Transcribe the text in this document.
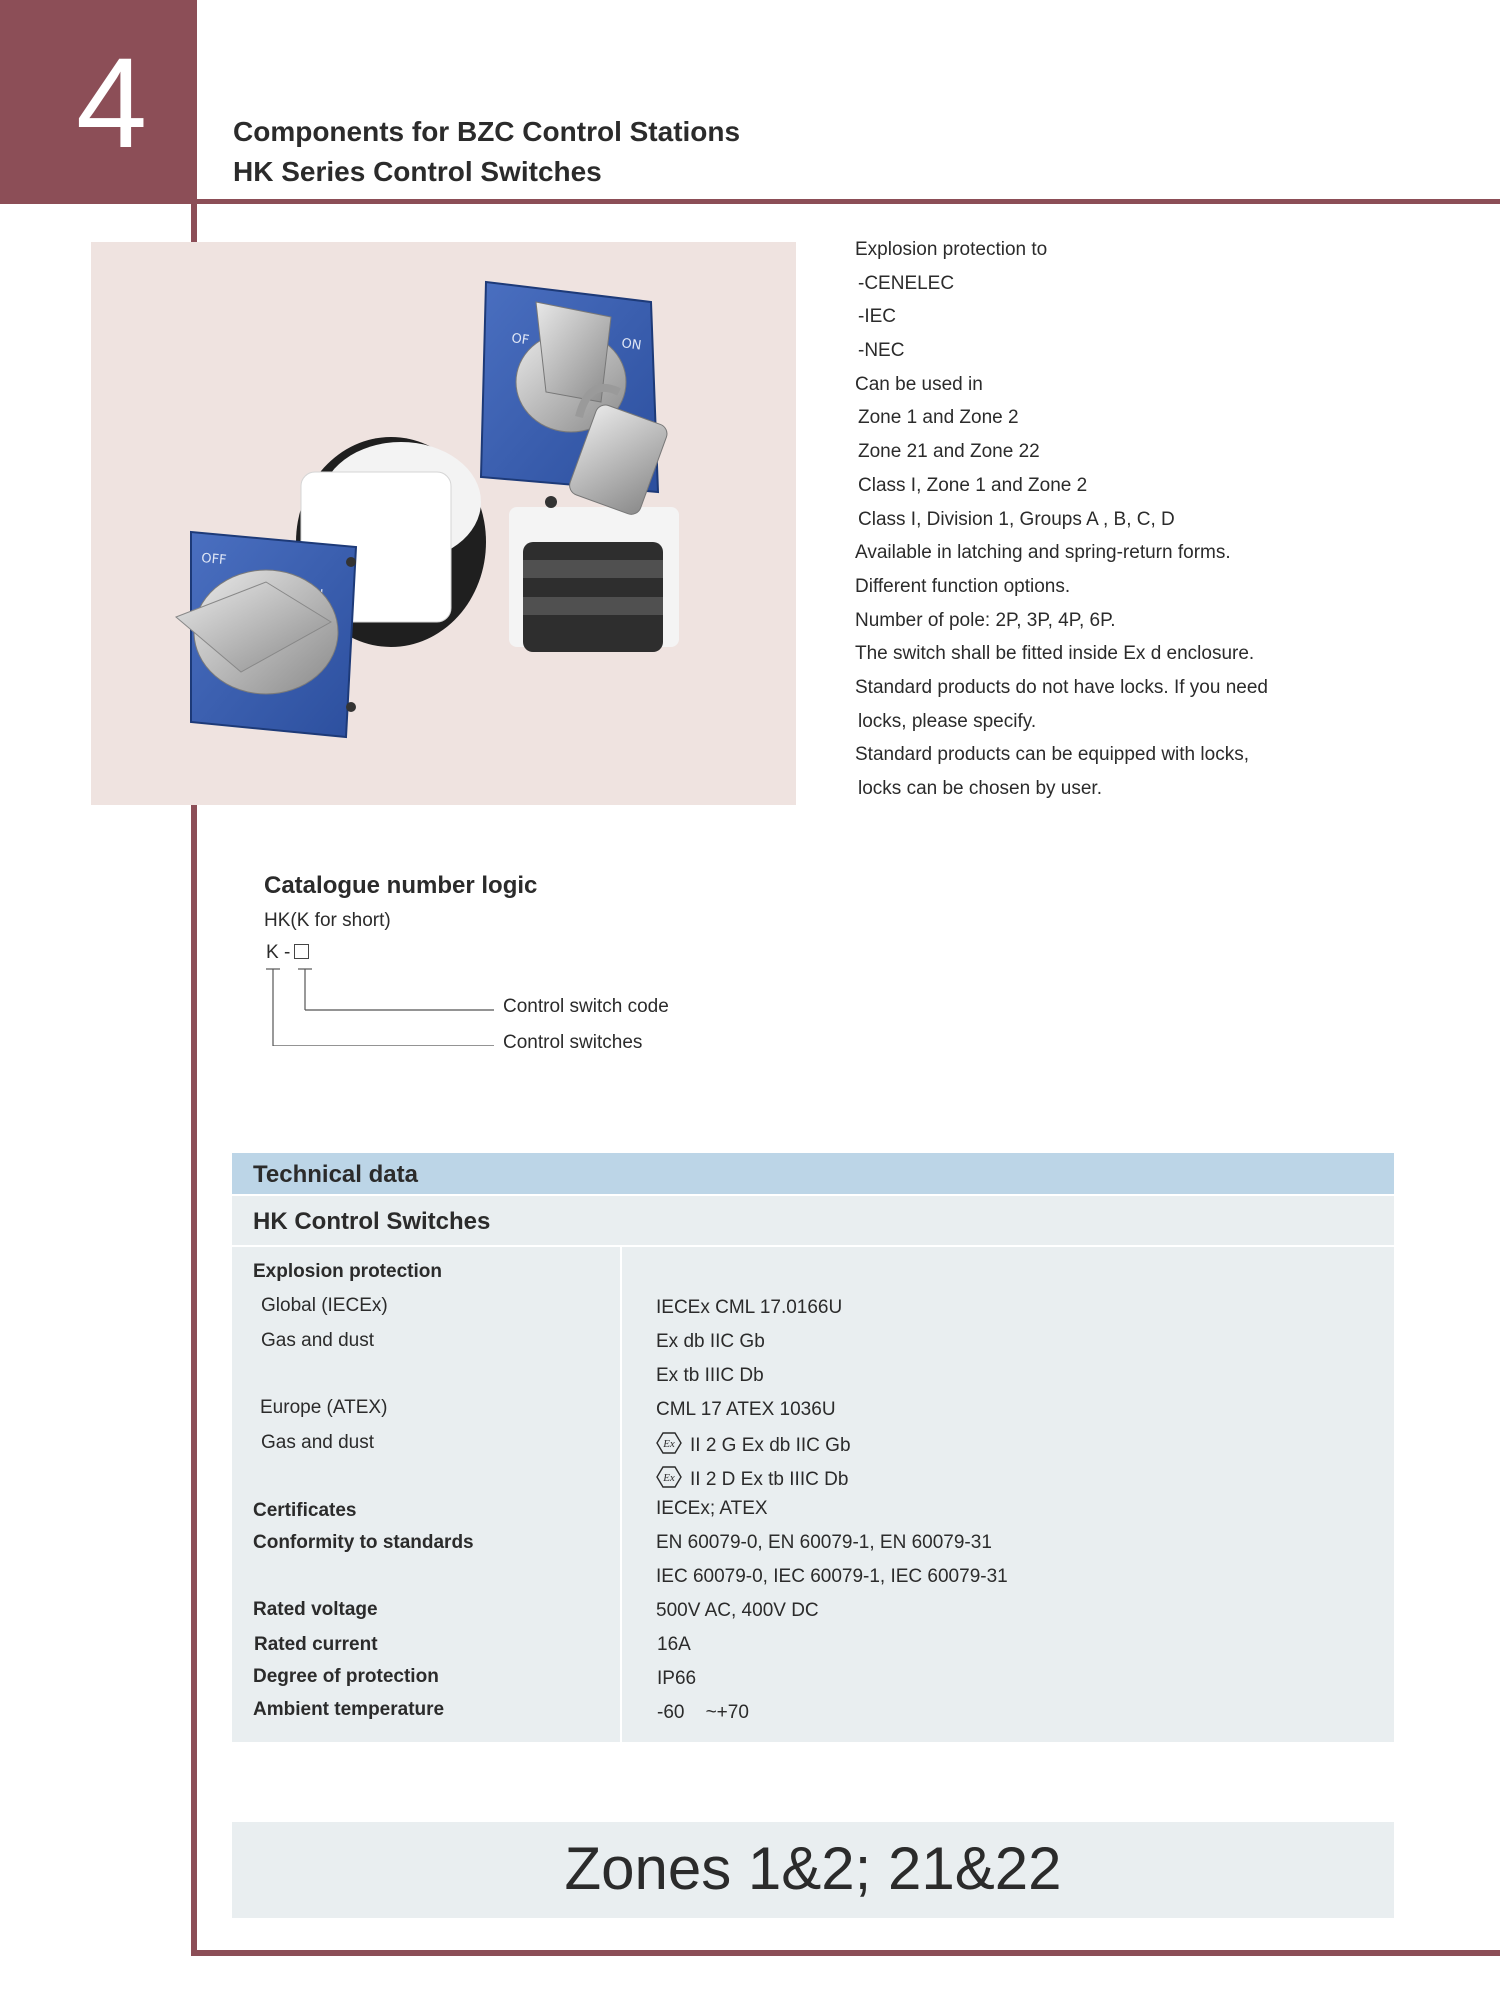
4	Components for BZC Control Stations
HK Series Control Switches
OF	ON
OFF
Explosion protection to
-CENELEC
-IEC
-NEC
Can be used in
Zone 1 and Zone 2
Zone 21 and Zone 22
Class I, Zone 1 and Zone 2
Class I, Division 1, Groups A , B, C, D
Available in latching and spring-return forms.
Different function options.
Number of pole: 2P, 3P, 4P, 6P.
The switch shall be fitted inside Ex d enclosure.
Standard products do not have locks. If you need
locks, please specify.
Standard products can be equipped with locks,
locks can be chosen by user.
Catalogue number logic
HK(K for short)
K -
Control switch code
Control switches
Technical data
HK Control Switches
Explosion protection
Global (IECEx)
Gas and dust
Europe (ATEX)
Gas and dust
Certificates
Conformity to standards
Rated voltage
Rated current
Degree of protection
Ambient temperature
IECEx CML 17.0166U
Ex db IIC Gb
Ex tb IIIC Db
CML 17 ATEX 1036U
Ex II 2 G Ex db IIC Gb
Ex II 2 D Ex tb IIIC Db
IECEx; ATEX
EN 60079-0, EN 60079-1, EN 60079-31
IEC 60079-0, IEC 60079-1, IEC 60079-31
500V AC, 400V DC
16A
IP66
-60    ~+70
Zones 1&2; 21&22
